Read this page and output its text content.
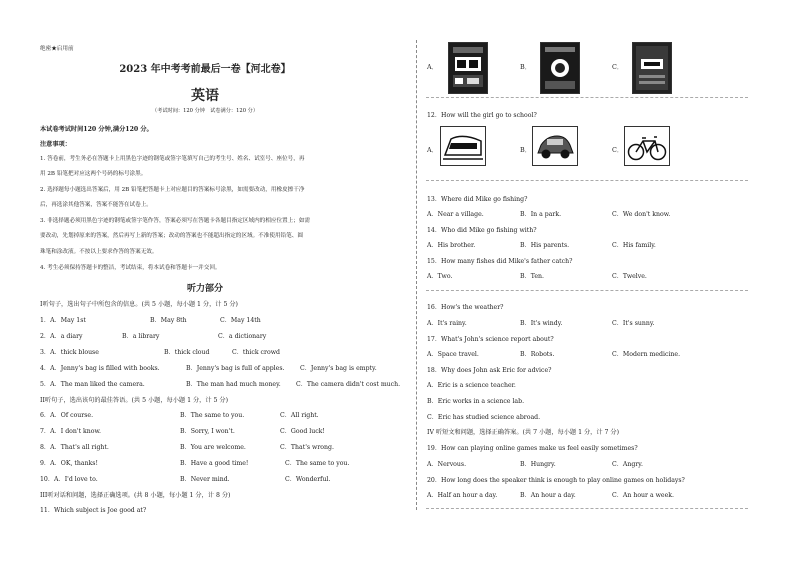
绝密★启用前
2023 年中考考前最后一卷【河北卷】
英语
（考试时间：120 分钟　试卷满分：120 分）
本试卷考试时间120 分钟,满分120 分。
注意事项：
1. 答卷前，考生务必在答题卡上用黑色字迹的钢笔或签字笔填写自己的考生号、姓名、试室号、座位号，再
用 2B 铅笔把对应这两个号码的标号涂黑。
2. 选择题每小题选出答案后，用 2B 铅笔把答题卡上对应题目的答案标号涂黑，如需要改动，用橡皮擦干净
后，再选涂其他答案，答案不能答在试卷上。
3. 非选择题必须用黑色字迹的钢笔或签字笔作答，答案必须写在答题卡各题目指定区域内的相应位置上；如需
要改动，先划掉原来的答案，然后再写上新的答案；改动的答案也不能超出指定的区域。不准使用铅笔、圆
珠笔和涂改液。不按以上要求作答的答案无效。
4. 考生必须保持答题卡的整洁，考试结束，将本试卷和答题卡一并交回。
听力部分
I听句子，选出句子中所包含的信息。(共 5 小题，每小题 1 分，计 5 分)
1．A．May 1st	B．May 8th	C．May 14th
2．A．a diary	B．a library	C．a dictionary
3．A．thick blouse	B．thick cloud	C．thick crowd
4．A．Jenny's bag is filled with books.	B．Jenny's bag is full of apples.	C．Jenny's bag is empty.
5．A．The man liked the camera.	B．The man had much money. C．The camera didn't cost much.
II听句子，选出该句的最佳答语。(共 5 小题，每小题 1 分，计 5 分)
6．A．Of course.	B．The same to you.	C．All right.
7．A．I don't know.	B．Sorry, I won't.	C．Good luck!
8．A．That's all right.	B．You are welcome.	C．That's wrong.
9．A．OK, thanks!	B．Have a good time!	C．The same to you.
10．A．I'd love to.	B．Never mind.	C．Wonderful.
III听对话和问题，选择正确选项。(共 8 小题，每小题 1 分，计 8 分)
11．Which subject is Joe good at?
A．	B．	C．
12．How will the girl go to school?
A．	B．	C．
13．Where did Mike go fishing?
A．Near a village.	B．In a park.	C．We don't know.
14．Who did Mike go fishing with?
A．His brother.	B．His parents.	C．His family.
15．How many fishes did Mike's father catch?
A．Two.	B．Ten.	C．Twelve.
16．How's the weather?
A．It's rainy.	B．It's windy.	C．It's sunny.
17．What's John's science report about?
A．Space travel.	B．Robots.	C．Modern medicine.
18．Why does John ask Eric for advice?
A．Eric is a science teacher.
B．Eric works in a science lab.
C．Eric has studied science abroad.
IV 听短文和问题，选择正确答案。(共 7 小题，每小题 1 分，计 7 分)
19．How can playing online games make us feel easily sometimes?
A．Nervous.	B．Hungry.	C．Angry.
20．How long does the speaker think is enough to play online games on holidays?
A．Half an hour a day.	B．An hour a day.	C．An hour a week.
